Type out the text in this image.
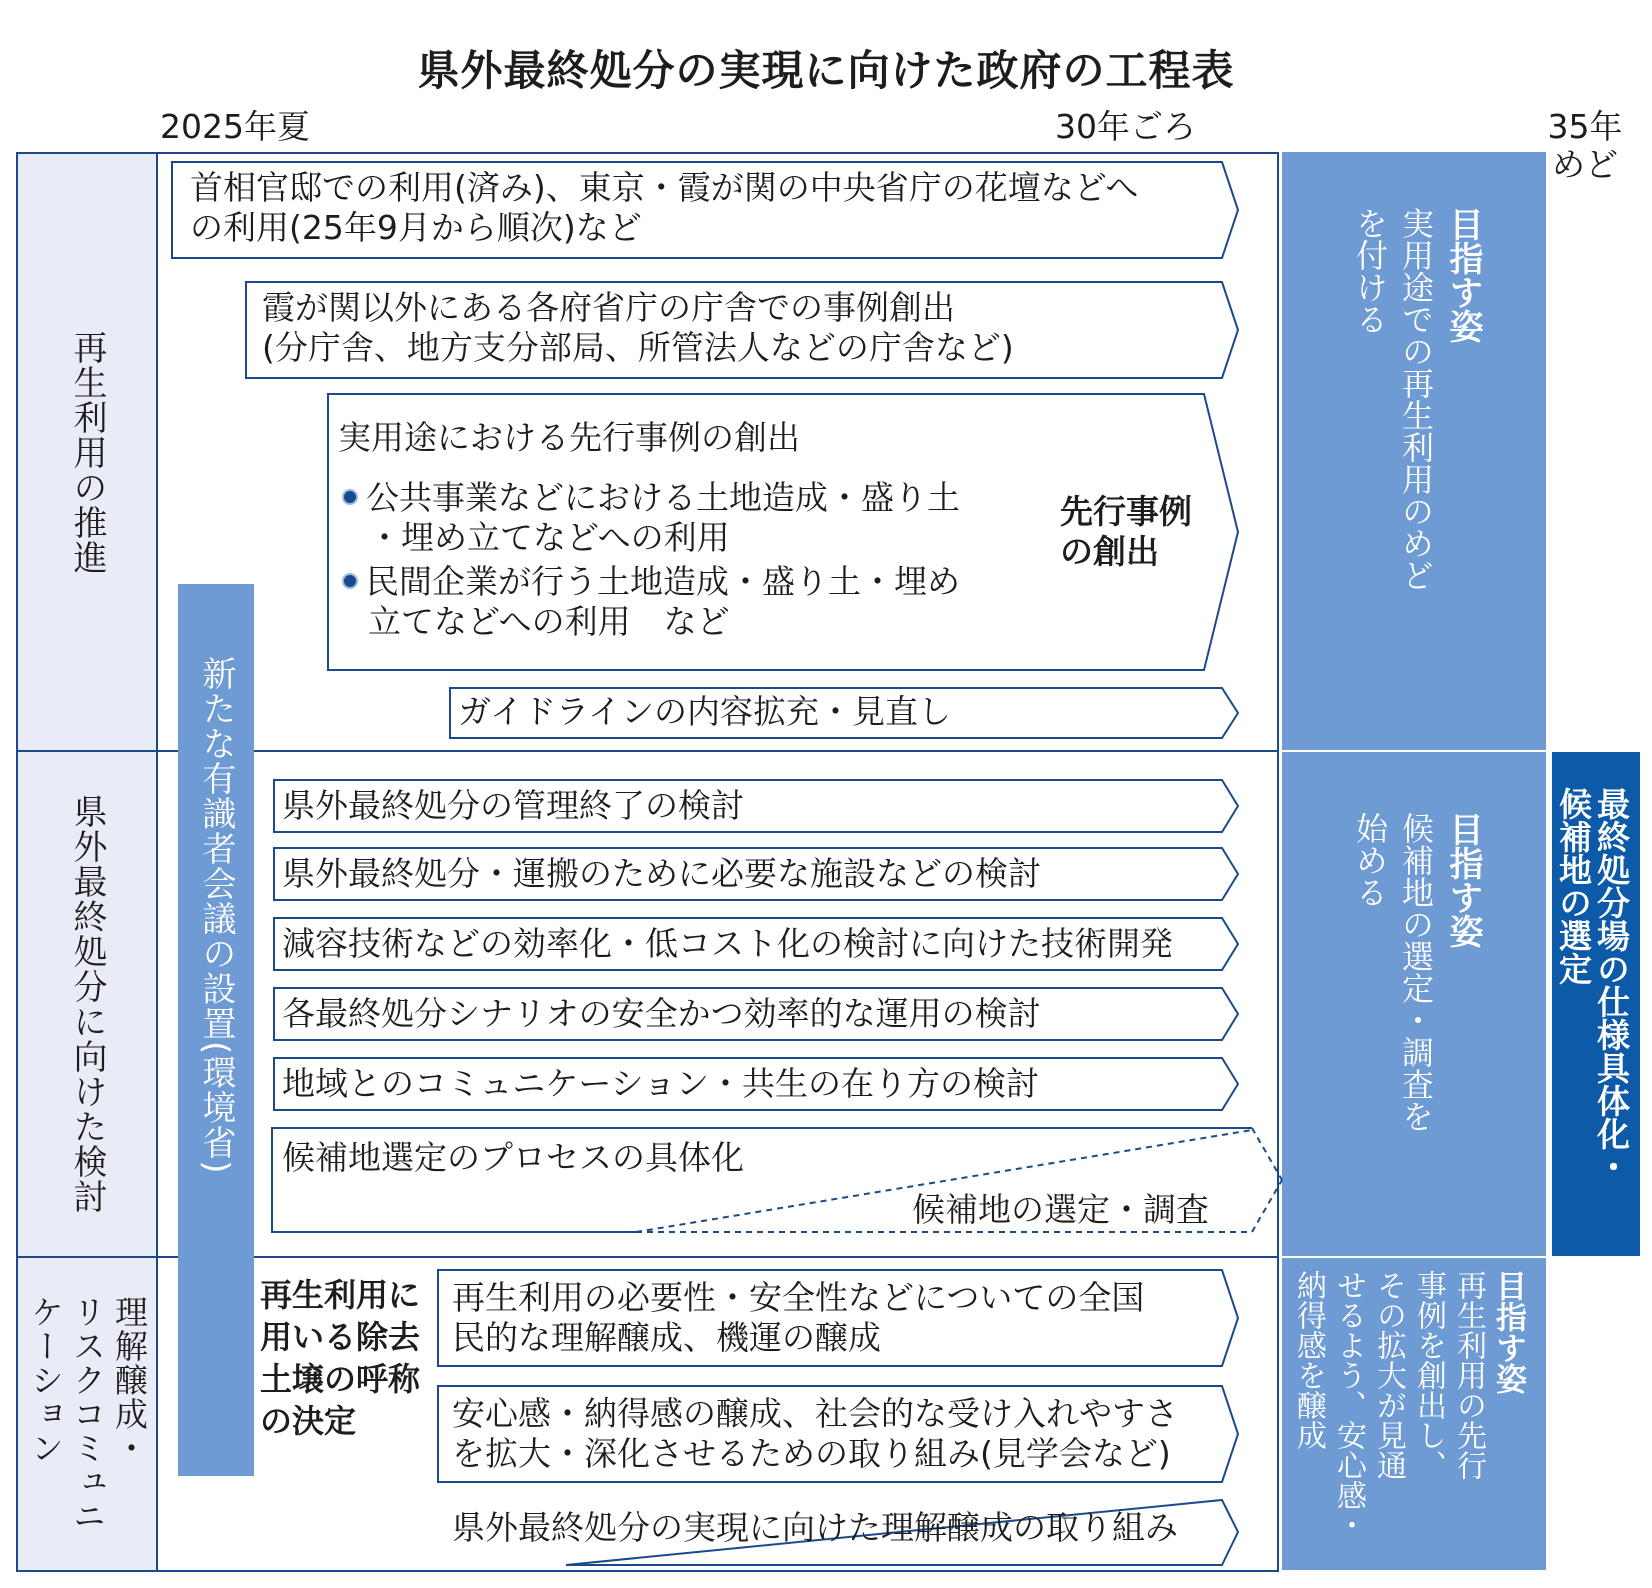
県外最終処分の実現に向けた政府の工程表
2025年夏	30年ごろ	35年
めど
再生利用の推進
県外最終処分に向けた検討
理解醸成・
リスクコミュニ
ケーション
目指す姿
実用途での再生利用のめど
を付ける
目指す姿
候補地の選定・調査を
始める
目指す姿
再生利用の先行
事例を創出し、
その拡大が見通
せるよう、安心感・
納得感を醸成
最終処分場の仕様具体化・
候補地の選定
新たな有識者会議の設置(環境省)
首相官邸での利用(済み)、東京・霞が関の中央省庁の花壇などへ
の利用(25年9月から順次)など
霞が関以外にある各府省庁の庁舎での事例創出
(分庁舎、地方支分部局、所管法人などの庁舎など)
実用途における先行事例の創出
公共事業などにおける土地造成・盛り土
・埋め立てなどへの利用
民間企業が行う土地造成・盛り土・埋め
立てなどへの利用　など
先行事例
の創出
ガイドラインの内容拡充・見直し
県外最終処分の管理終了の検討
県外最終処分・運搬のために必要な施設などの検討
減容技術などの効率化・低コスト化の検討に向けた技術開発
各最終処分シナリオの安全かつ効率的な運用の検討
地域とのコミュニケーション・共生の在り方の検討
候補地選定のプロセスの具体化
候補地の選定・調査
再生利用に
用いる除去
土壌の呼称
の決定
再生利用の必要性・安全性などについての全国
民的な理解醸成、機運の醸成
安心感・納得感の醸成、社会的な受け入れやすさ
を拡大・深化させるための取り組み(見学会など)
県外最終処分の実現に向けた理解醸成の取り組み
